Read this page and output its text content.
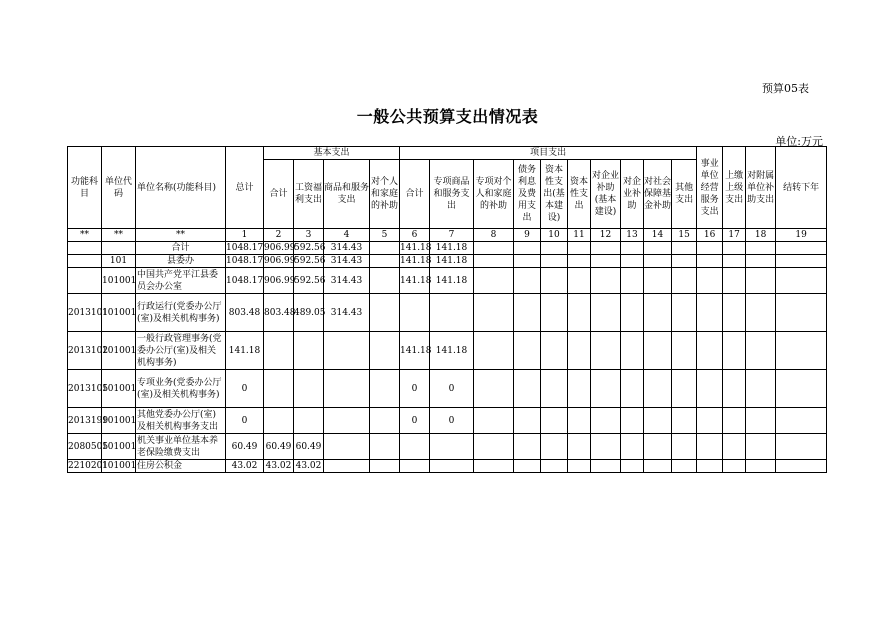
预算05表
一般公共预算支出情况表
单位:万元
功能科目	单位代码	单位名称(功能科目)	总计	基本支出				项目支出										事业单位经营服务支出	上缴上级支出	对附属单位补助支出	结转下年
				合计	工资福利支出	商品和服务支出	对个人和家庭的补助	合计	专项商品和服务支出	专项对个人和家庭的补助	债务利息及费用支出	资本性支出(基本建设)	资本性支出	对企业补助(基本建设)	对企业补助	对社会保障基金补助	其他支出				
**	**	**	1	2	3	4	5	6	7	8	9	10	11	12	13	14	15	16	17	18	19
		合计	1048.17	906.99	592.56	314.43		141.18	141.18												
	101	县委办	1048.17	906.99	592.56	314.43		141.18	141.18												
	101001	中国共产党平江县委员会办公室	1048.17	906.99	592.56	314.43		141.18	141.18												
2013101	101001	行政运行(党委办公厅(室)及相关机构事务)	803.48	803.48	489.05	314.43															
2013102	101001	一般行政管理事务(党委办公厅(室)及相关机构事务)	141.18					141.18	141.18												
2013105	101001	专项业务(党委办公厅(室)及相关机构事务)	0					0	0												
2013199	101001	其他党委办公厅(室)及相关机构事务支出	0					0	0												
2080505	101001	机关事业单位基本养老保险缴费支出	60.49	60.49	60.49																
2210201	101001	住房公积金	43.02	43.02	43.02																
